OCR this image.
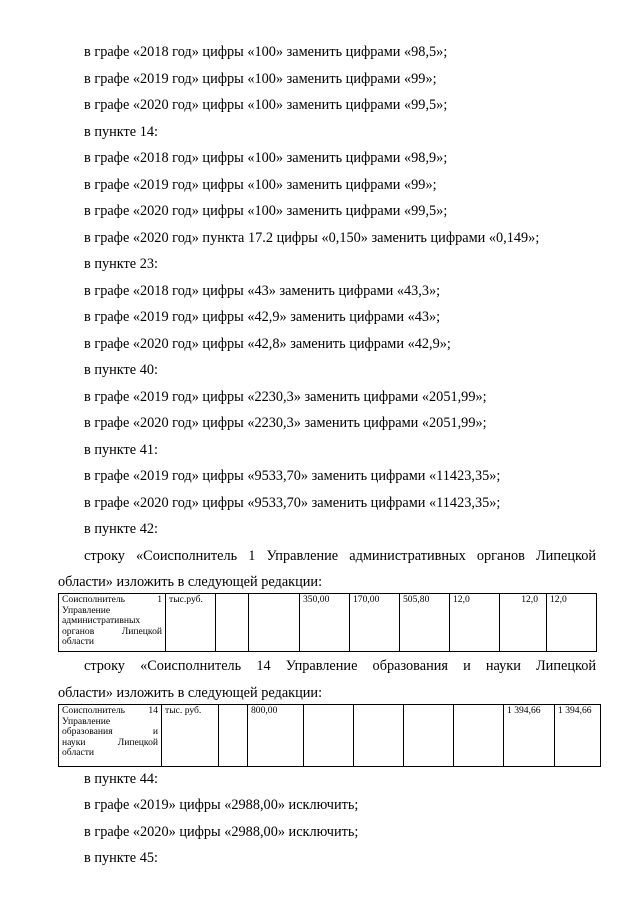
в графе «2018 год» цифры «100» заменить цифрами «98,5»;
в графе «2019 год» цифры «100» заменить цифрами «99»;
в графе «2020 год» цифры «100» заменить цифрами «99,5»;
в пункте 14:
в графе «2018 год» цифры «100» заменить цифрами «98,9»;
в графе «2019 год» цифры «100» заменить цифрами «99»;
в графе «2020 год» цифры «100» заменить цифрами «99,5»;
в графе «2020 год» пункта 17.2 цифры «0,150» заменить цифрами «0,149»;
в пункте 23:
в графе «2018 год» цифры «43» заменить цифрами «43,3»;
в графе «2019 год» цифры «42,9» заменить цифрами «43»;
в графе «2020 год» цифры «42,8» заменить цифрами «42,9»;
в пункте 40:
в графе «2019 год» цифры «2230,3» заменить цифрами «2051,99»;
в графе «2020 год» цифры «2230,3» заменить цифрами «2051,99»;
в пункте 41:
в графе «2019 год» цифры «9533,70» заменить цифрами «11423,35»;
в графе «2020 год» цифры «9533,70» заменить цифрами «11423,35»;
в пункте 42:
строку «Соисполнитель 1 Управление административных органов Липецкой
области» изложить в следующей редакции:
Соисполнитель 1
Управление
административных
органов Липецкой
области
	тыс.руб.			350,00	170,00	505,80	12,0	12,0	12,0
строку «Соисполнитель 14 Управление образования и науки Липецкой
области» изложить в следующей редакции:
Соисполнитель 14
Управление
образования и
науки Липецкой
области
	тыс. руб.		800,00					1 394,66	1 394,66
в пункте 44:
в графе «2019» цифры «2988,00» исключить;
в графе «2020» цифры «2988,00» исключить;
в пункте 45:
